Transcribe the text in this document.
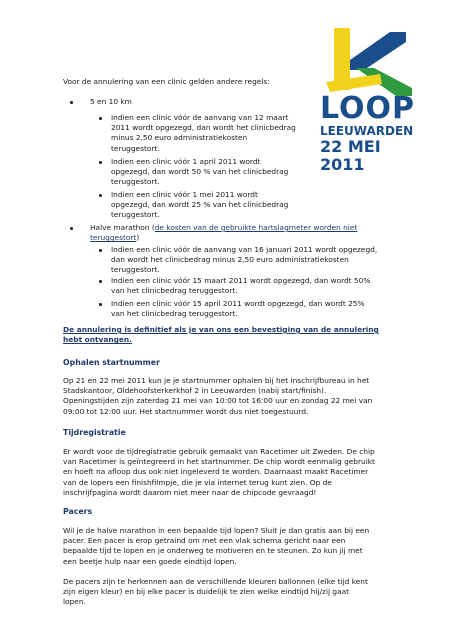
LOOP
LEEUWARDEN
22 MEI 2011
Voor de annulering van een clinic gelden andere regels:
5 en 10 km
Indien een clinic vóór de aanvang van 12 maart
2011 wordt opgezegd, dan wordt het clinicbedrag
minus 2,50 euro administratiekosten
teruggestort.
Indien een clinic vóór 1 april 2011 wordt
opgezegd, dan wordt 50 % van het clinicbedrag
teruggestort.
Indien een clinic vóór 1 mei 2011 wordt
opgezegd, dan wordt 25 % van het clinicbedrag
teruggestort.
Halve marathon (de kosten van de gebruikte hartslagmeter worden niet
teruggestort)
Indien een clinic vóór de aanvang van 16 januari 2011 wordt opgezegd,
dan wordt het clinicbedrag minus 2,50 euro administratiekosten
teruggestort.
Indien een clinic vóór 15 maart 2011 wordt opgezegd, dan wordt 50%
van het clinicbedrag teruggestort.
Indien een clinic vóór 15 april 2011 wordt opgezegd, dan wordt 25%
van het clinicbedrag teruggestort.
De annulering is definitief als je van ons een bevestiging van de annulering
hebt ontvangen.
Ophalen startnummer
Op 21 en 22 mei 2011 kun je je startnummer ophalen bij het inschrijfbureau in het
Stadskantoor, Oldehoofsterkerkhof 2 in Leeuwarden (nabij start/finish).
Openingstijden zijn zaterdag 21 mei van 10:00 tot 16:00 uur en zondag 22 mei van
09:00 tot 12:00 uur. Het startnummer wordt dus niet toegestuurd.
Tijdregistratie
Er wordt voor de tijdregistratie gebruik gemaakt van Racetimer uit Zweden. De chip
van Racetimer is geïntegreerd in het startnummer. De chip wordt eenmalig gebruikt
en hoeft na afloop dus ook niet ingeleverd te worden. Daarnaast maakt Racetimer
van de lopers een finishfilmpje, die je via internet terug kunt zien. Op de
inschrijfpagina wordt daarom niet meer naar de chipcode gevraagd!
Pacers
Wil je de halve marathon in een bepaalde tijd lopen? Sluit je dan gratis aan bij een
pacer. Een pacer is erop getraind om met een vlak schema gericht naar een
bepaalde tijd te lopen en je onderweg te motiveren en te steunen. Zo kun jij met
een beetje hulp naar een goede eindtijd lopen.
De pacers zijn te herkennen aan de verschillende kleuren ballonnen (elke tijd kent
zijn eigen kleur) en bij elke pacer is duidelijk te zien welke eindtijd hij/zij gaat
lopen.
